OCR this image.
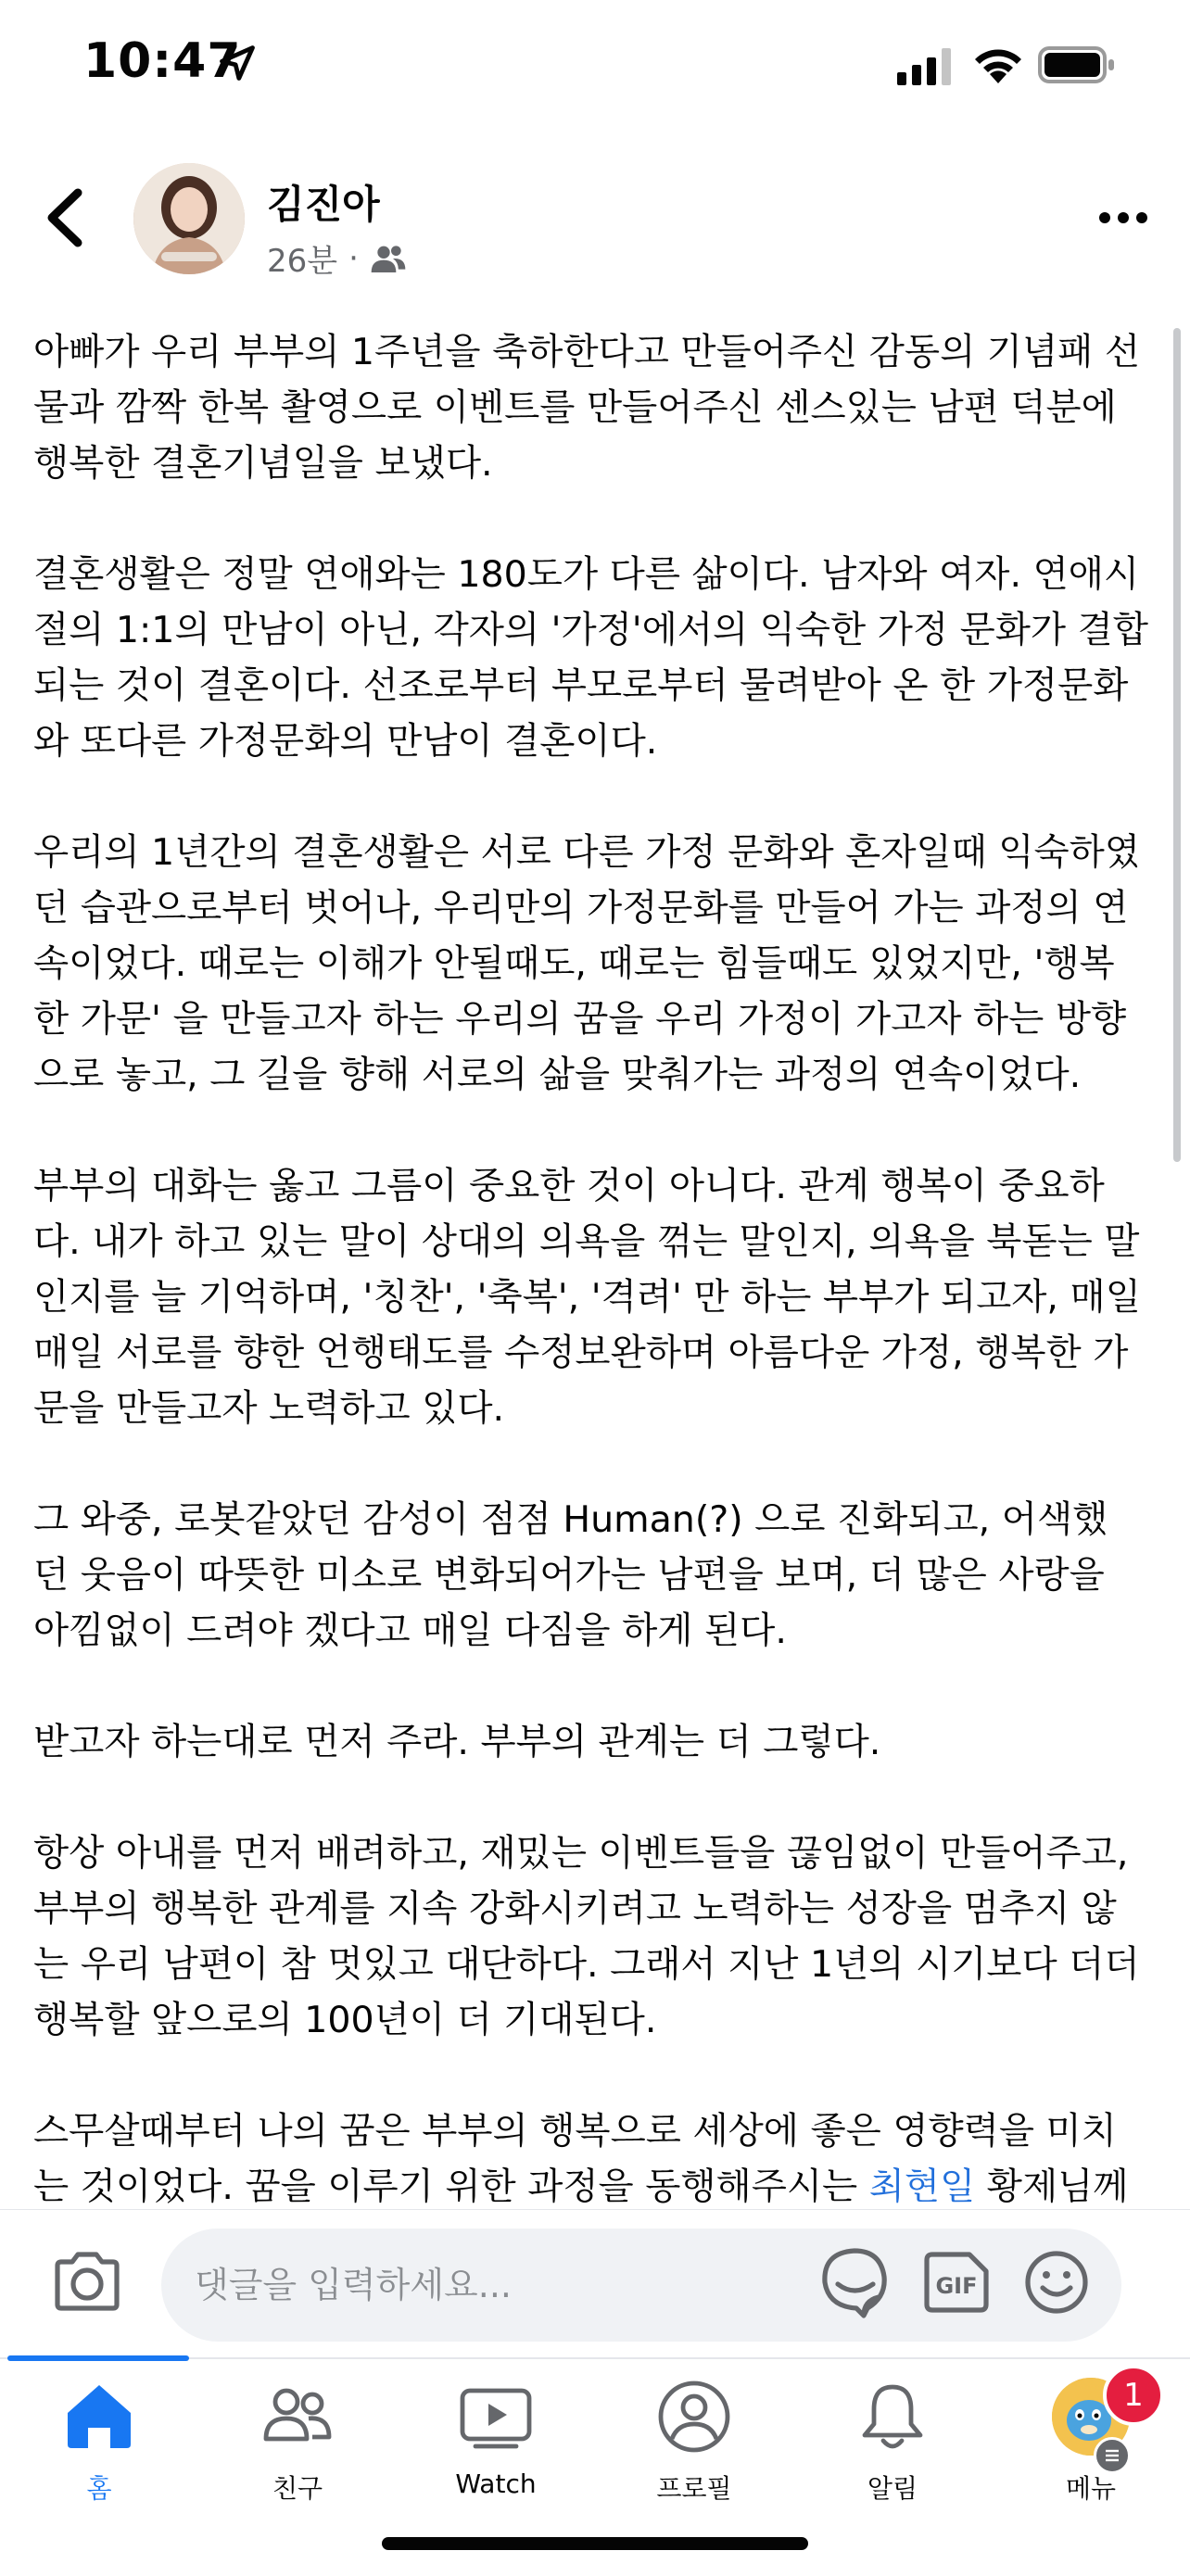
10:47
김진아
26분 ·

아빠가 우리 부부의 1주년을 축하한다고 만들어주신 감동의 기념패 선
물과 깜짝 한복 촬영으로 이벤트를 만들어주신 센스있는 남편 덕분에
행복한 결혼기념일을 보냈다.

결혼생활은 정말 연애와는 180도가 다른 삶이다. 남자와 여자. 연애시
절의 1:1의 만남이 아닌, 각자의 '가정'에서의 익숙한 가정 문화가 결합
되는 것이 결혼이다. 선조로부터 부모로부터 물려받아 온 한 가정문화
와 또다른 가정문화의 만남이 결혼이다.

우리의 1년간의 결혼생활은 서로 다른 가정 문화와 혼자일때 익숙하였
던 습관으로부터 벗어나, 우리만의 가정문화를 만들어 가는 과정의 연
속이었다. 때로는 이해가 안될때도, 때로는 힘들때도 있었지만, '행복
한 가문' 을 만들고자 하는 우리의 꿈을 우리 가정이 가고자 하는 방향
으로 놓고, 그 길을 향해 서로의 삶을 맞춰가는 과정의 연속이었다.

부부의 대화는 옳고 그름이 중요한 것이 아니다. 관계 행복이 중요하
다. 내가 하고 있는 말이 상대의 의욕을 꺾는 말인지, 의욕을 북돋는 말
인지를 늘 기억하며, '칭찬', '축복', '격려' 만 하는 부부가 되고자, 매일
매일 서로를 향한 언행태도를 수정보완하며 아름다운 가정, 행복한 가
문을 만들고자 노력하고 있다.

그 와중, 로봇같았던 감성이 점점 Human(?) 으로 진화되고, 어색했
던 웃음이 따뜻한 미소로 변화되어가는 남편을 보며, 더 많은 사랑을
아낌없이 드려야 겠다고 매일 다짐을 하게 된다.

받고자 하는대로 먼저 주라. 부부의 관계는 더 그렇다.

항상 아내를 먼저 배려하고, 재밌는 이벤트들을 끊임없이 만들어주고,
부부의 행복한 관계를 지속 강화시키려고 노력하는 성장을 멈추지 않
는 우리 남편이 참 멋있고 대단하다. 그래서 지난 1년의 시기보다 더더
행복할 앞으로의 100년이 더 기대된다.

스무살때부터 나의 꿈은 부부의 행복으로 세상에 좋은 영향력을 미치
는 것이었다. 꿈을 이루기 위한 과정을 동행해주시는 최현일 황제님께

댓글을 입력하세요...
GIF
홈	친구	Watch	프로필	알림	메뉴
1
